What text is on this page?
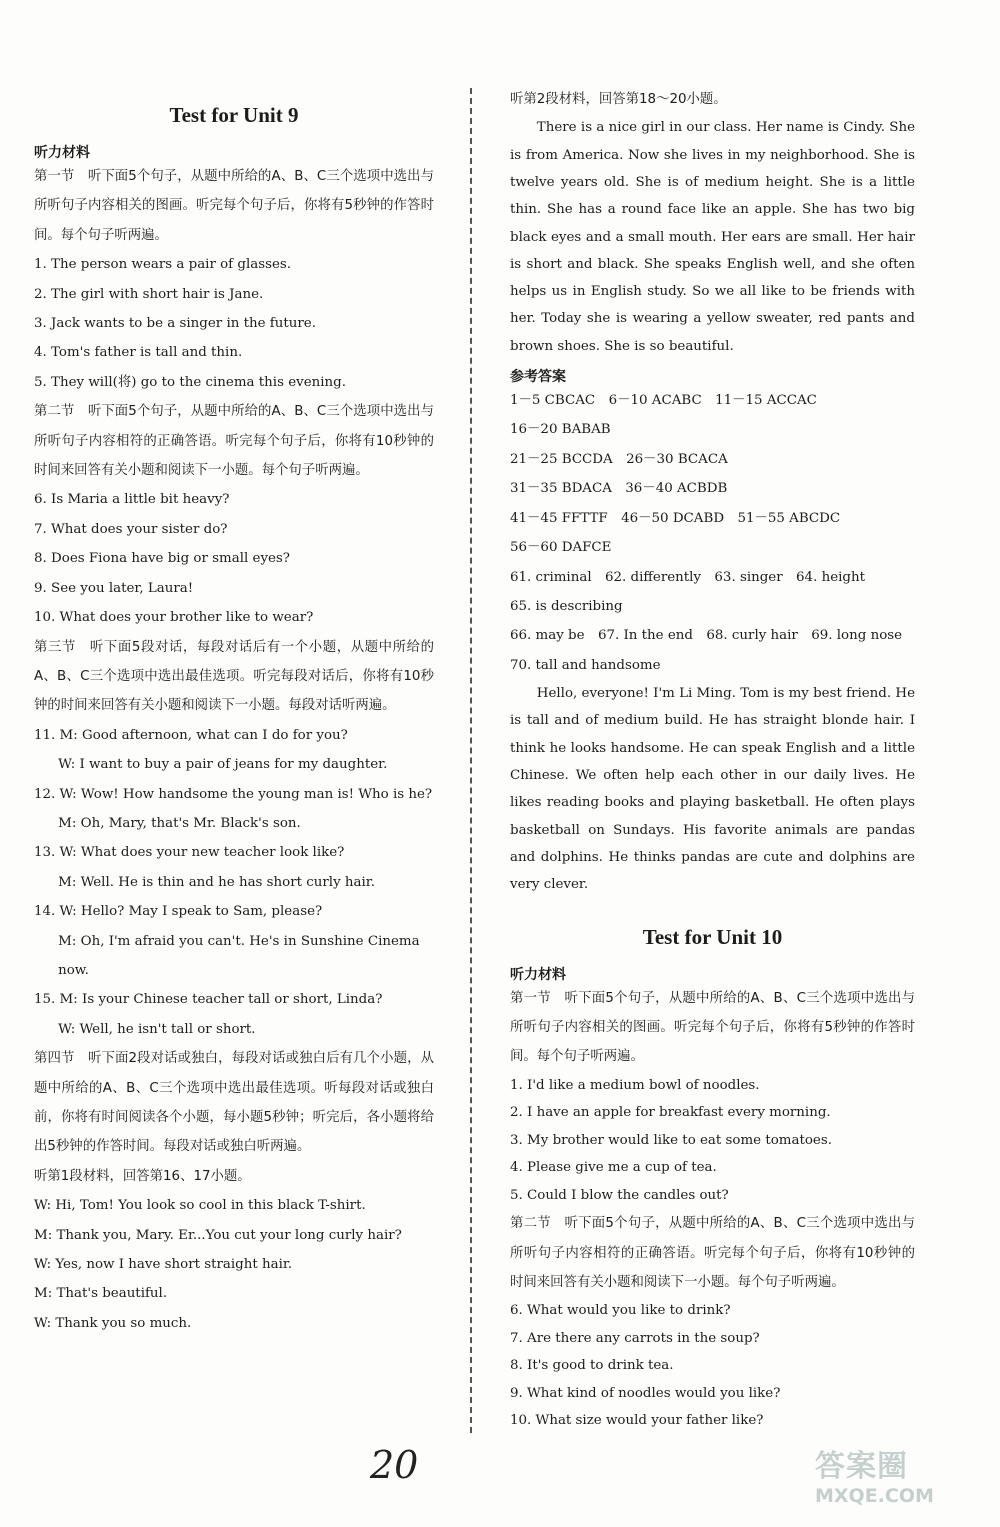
Test for Unit 9

听力材料

第一节　听下面5个句子，从题中所给的A、B、C三个选项中选出与所听句子内容相关的图画。听完每个句子后，你将有5秒钟的作答时间。每个句子听两遍。

1. The person wears a pair of glasses.

2. The girl with short hair is Jane.

3. Jack wants to be a singer in the future.

4. Tom's father is tall and thin.

5. They will(将) go to the cinema this evening.

第二节　听下面5个句子，从题中所给的A、B、C三个选项中选出与所听句子内容相符的正确答语。听完每个句子后，你将有10秒钟的时间来回答有关小题和阅读下一小题。每个句子听两遍。

6. Is Maria a little bit heavy?

7. What does your sister do?

8. Does Fiona have big or small eyes?

9. See you later, Laura!

10. What does your brother like to wear?

第三节　听下面5段对话，每段对话后有一个小题，从题中所给的A、B、C三个选项中选出最佳选项。听完每段对话后，你将有10秒钟的时间来回答有关小题和阅读下一小题。每段对话听两遍。

11. M: Good afternoon, what can I do for you?

W: I want to buy a pair of jeans for my daughter.

12. W: Wow! How handsome the young man is! Who is he?

M: Oh, Mary, that's Mr. Black's son.

13. W: What does your new teacher look like?

M: Well. He is thin and he has short curly hair.

14. W: Hello? May I speak to Sam, please?

M: Oh, I'm afraid you can't. He's in Sunshine Cinema now.

15. M: Is your Chinese teacher tall or short, Linda?

W: Well, he isn't tall or short.

第四节　听下面2段对话或独白，每段对话或独白后有几个小题，从题中所给的A、B、C三个选项中选出最佳选项。听每段对话或独白前，你将有时间阅读各个小题，每小题5秒钟；听完后，各小题将给出5秒钟的作答时间。每段对话或独白听两遍。

听第1段材料，回答第16、17小题。

W: Hi, Tom! You look so cool in this black T-shirt.

M: Thank you, Mary. Er...You cut your long curly hair?

W: Yes, now I have short straight hair.

M: That's beautiful.

W: Thank you so much.

听第2段材料，回答第18～20小题。

There is a nice girl in our class. Her name is Cindy. She is from America. Now she lives in my neighborhood. She is twelve years old. She is of medium height. She is a little thin. She has a round face like an apple. She has two big black eyes and a small mouth. Her ears are small. Her hair is short and black. She speaks English well, and she often helps us in English study. So we all like to be friends with her. Today she is wearing a yellow sweater, red pants and brown shoes. She is so beautiful.

参考答案

1－5 CBCAC　6－10 ACABC　11－15 ACCAC

16－20 BABAB

21－25 BCCDA　26－30 BCACA

31－35 BDACA　36－40 ACBDB

41－45 FFTTF　46－50 DCABD　51－55 ABCDC

56－60 DAFCE

61. criminal　62. differently　63. singer　64. height

65. is describing

66. may be　67. In the end　68. curly hair　69. long nose

70. tall and handsome

Hello, everyone! I'm Li Ming. Tom is my best friend. He is tall and of medium build. He has straight blonde hair. I think he looks handsome. He can speak English and a little Chinese. We often help each other in our daily lives. He likes reading books and playing basketball. He often plays basketball on Sundays. His favorite animals are pandas and dolphins. He thinks pandas are cute and dolphins are very clever.

Test for Unit 10

听力材料

第一节　听下面5个句子，从题中所给的A、B、C三个选项中选出与所听句子内容相关的图画。听完每个句子后，你将有5秒钟的作答时间。每个句子听两遍。

1. I'd like a medium bowl of noodles.

2. I have an apple for breakfast every morning.

3. My brother would like to eat some tomatoes.

4. Please give me a cup of tea.

5. Could I blow the candles out?

第二节　听下面5个句子，从题中所给的A、B、C三个选项中选出与所听句子内容相符的正确答语。听完每个句子后，你将有10秒钟的时间来回答有关小题和阅读下一小题。每个句子听两遍。

6. What would you like to drink?

7. Are there any carrots in the soup?

8. It's good to drink tea.

9. What kind of noodles would you like?

10. What size would your father like?

20	答案圈
MXQE.COM
